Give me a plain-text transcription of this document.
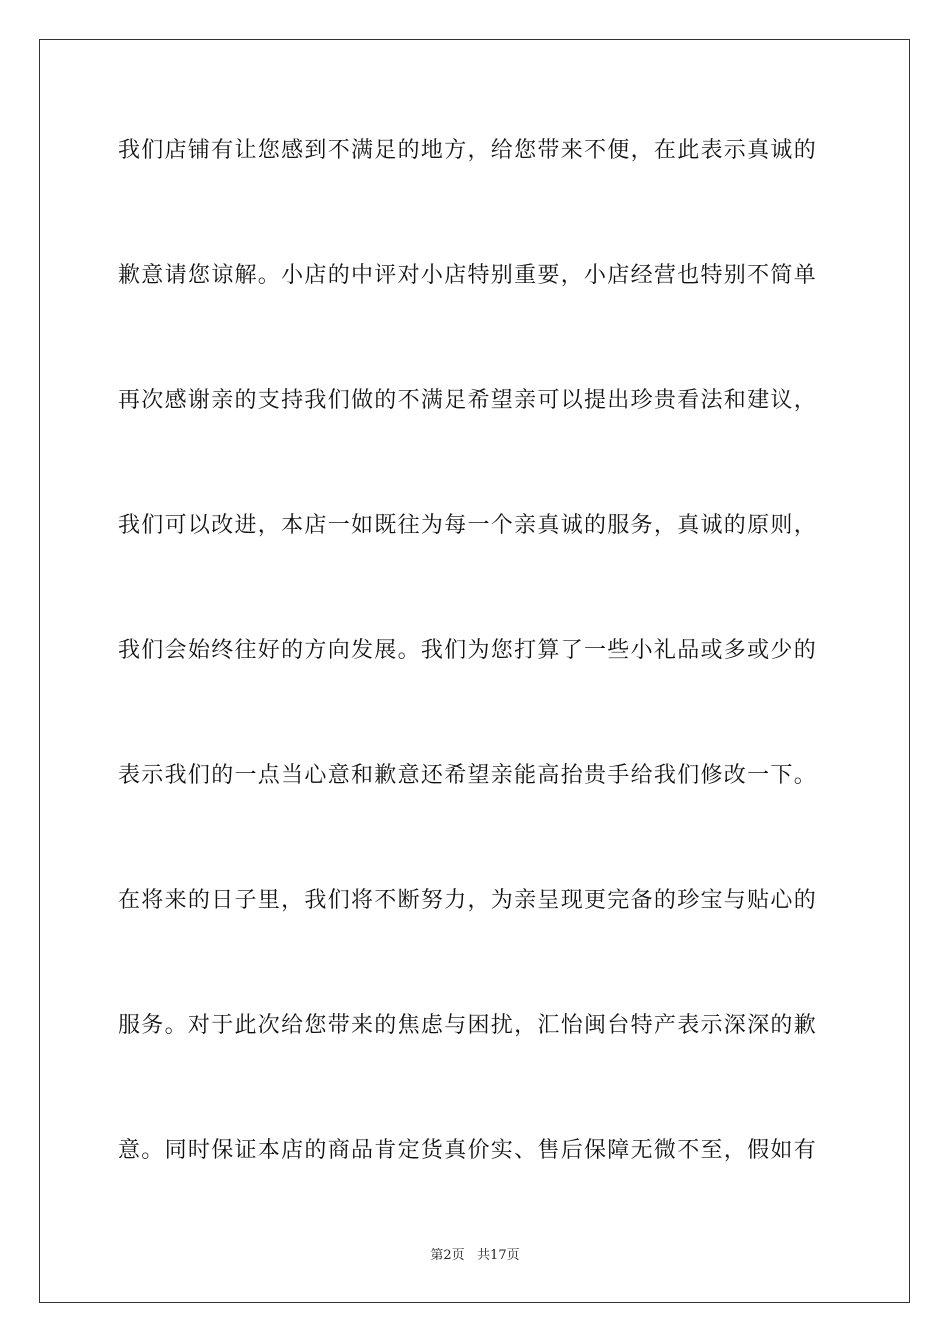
我们店铺有让您感到不满足的地方，给您带来不便，在此表示真诚的
歉意请您谅解。小店的中评对小店特别重要，小店经营也特别不简单
再次感谢亲的支持我们做的不满足希望亲可以提出珍贵看法和建议，
我们可以改进，本店一如既往为每一个亲真诚的服务，真诚的原则，
我们会始终往好的方向发展。我们为您打算了一些小礼品或多或少的
表示我们的一点当心意和歉意还希望亲能高抬贵手给我们修改一下。
在将来的日子里，我们将不断努力，为亲呈现更完备的珍宝与贴心的
服务。对于此次给您带来的焦虑与困扰，汇怡闽台特产表示深深的歉
意。同时保证本店的商品肯定货真价实、售后保障无微不至，假如有
第2页   共17页
